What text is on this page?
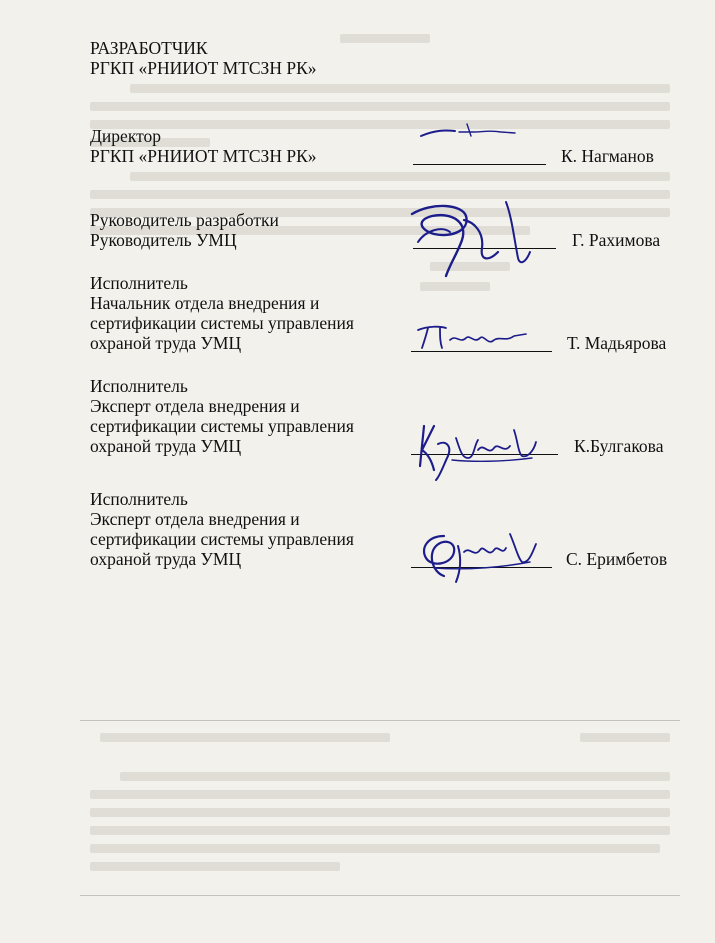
РАЗРАБОТЧИК
РГКП «РНИИОТ МТСЗН РК»
Директор
РГКП «РНИИОТ МТСЗН РК»	К. Нагманов
Руководитель разработки
Руководитель УМЦ	Г. Рахимова
Исполнитель
Начальник отдела внедрения и
сертификации системы управления
охраной труда УМЦ	Т. Мадьярова
Исполнитель
Эксперт отдела внедрения и
сертификации системы управления
охраной труда УМЦ	К.Булгакова
Исполнитель
Эксперт отдела внедрения и
сертификации системы управления
охраной труда УМЦ	С. Еримбетов
